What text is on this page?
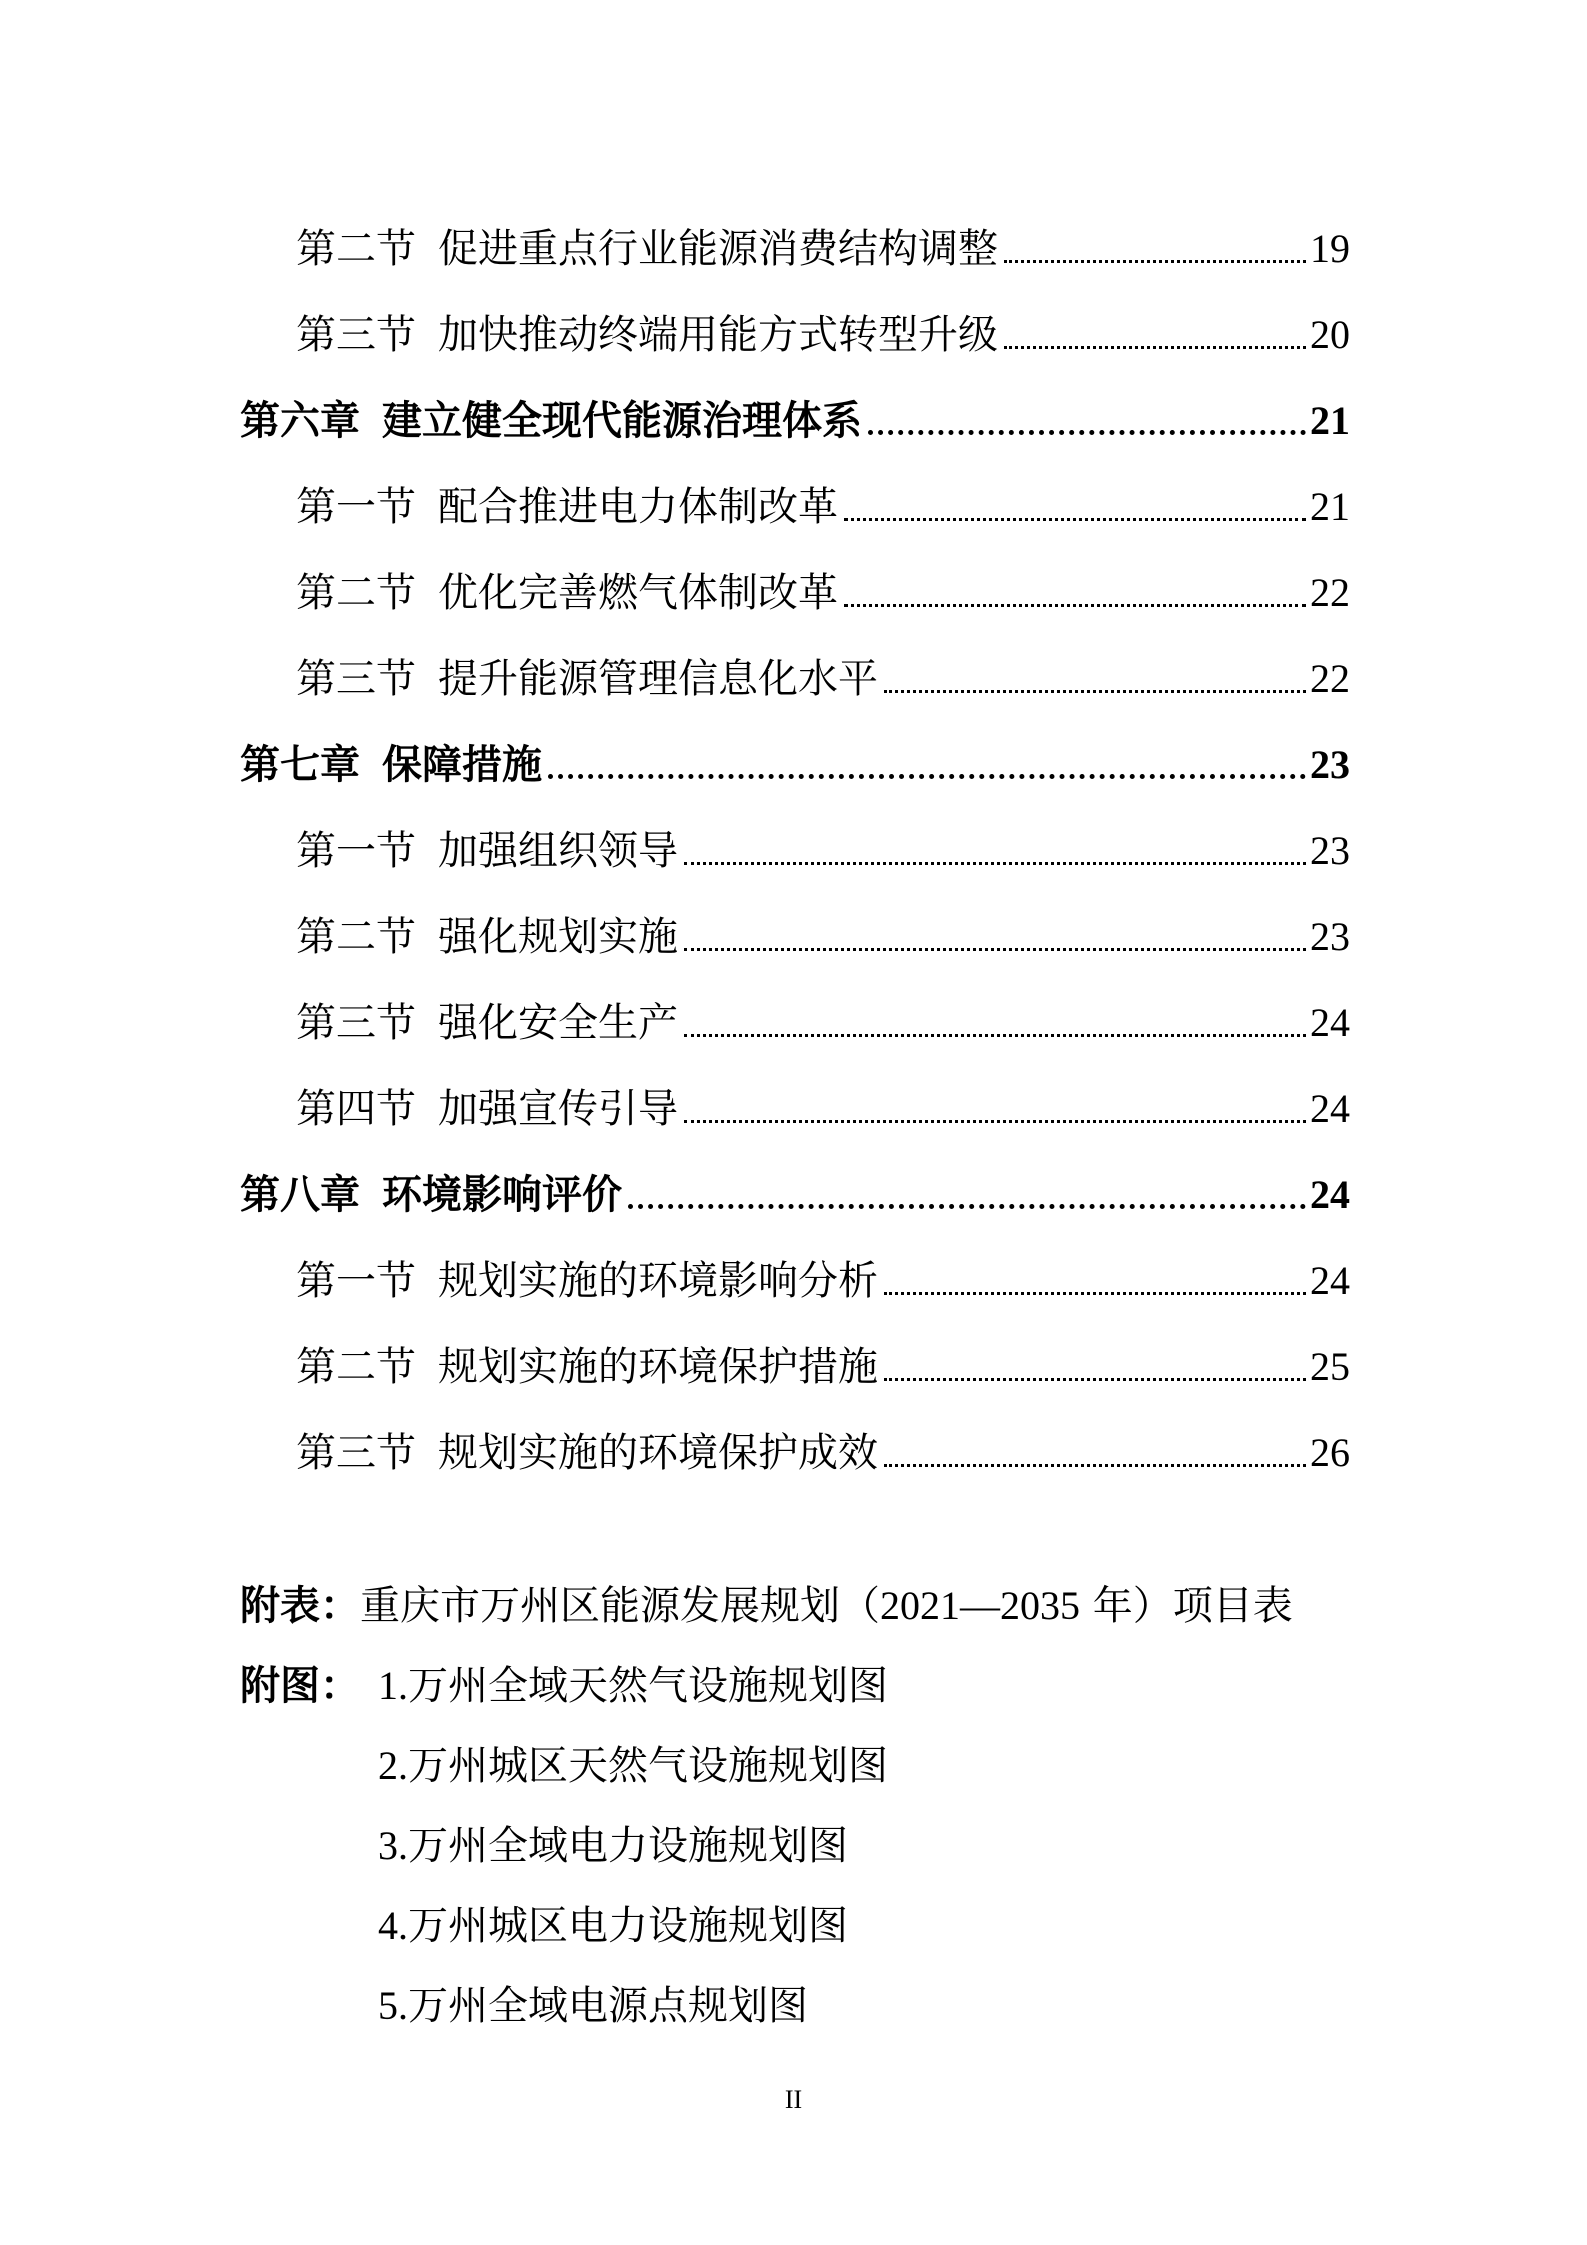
第二节 促进重点行业能源消费结构调整	19
第三节 加快推动终端用能方式转型升级	20
第六章 建立健全现代能源治理体系	21
第一节 配合推进电力体制改革	21
第二节 优化完善燃气体制改革	22
第三节 提升能源管理信息化水平	22
第七章 保障措施	23
第一节 加强组织领导	23
第二节 强化规划实施	23
第三节 强化安全生产	24
第四节 加强宣传引导	24
第八章 环境影响评价	24
第一节 规划实施的环境影响分析	24
第二节 规划实施的环境保护措施	25
第三节 规划实施的环境保护成效	26
附表：重庆市万州区能源发展规划（2021—2035 年）项目表
附图： 1.万州全域天然气设施规划图
2.万州城区天然气设施规划图
3.万州全域电力设施规划图
4.万州城区电力设施规划图
5.万州全域电源点规划图
II
